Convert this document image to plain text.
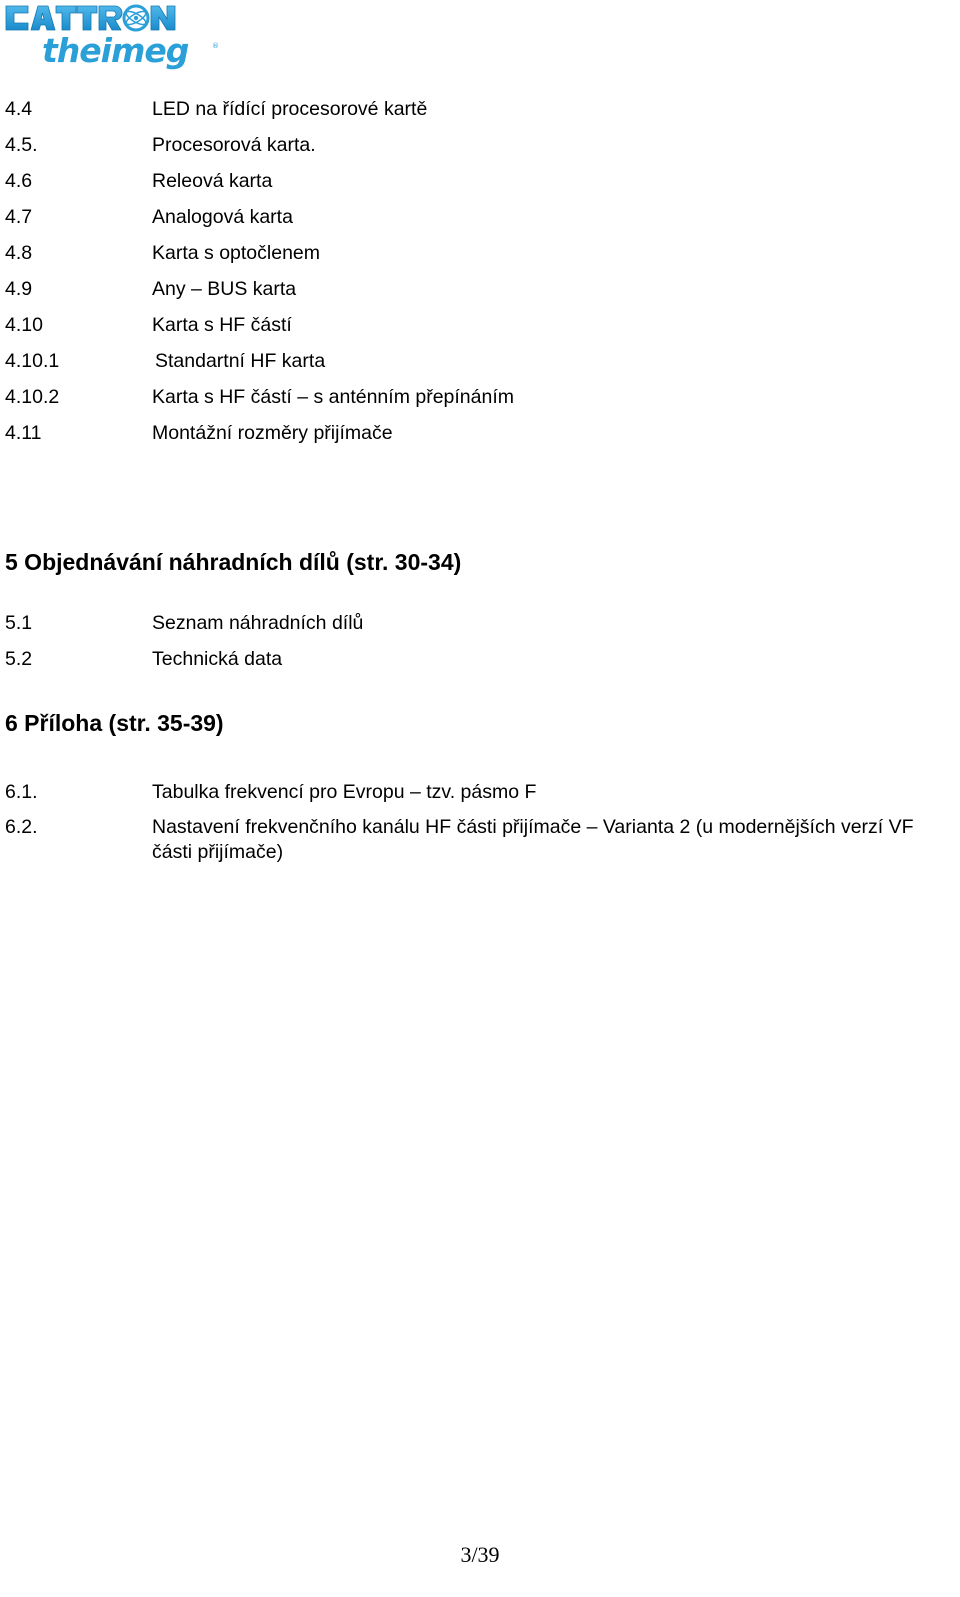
theimeg	®
4.4	LED na řídící procesorové kartě
4.5.	Procesorová karta.
4.6	Releová karta
4.7	Analogová karta
4.8	Karta s optočlenem
4.9	Any – BUS karta
4.10	Karta s HF částí
4.10.1	Standartní HF karta
4.10.2	Karta s HF částí – s anténním přepínáním
4.11	Montážní rozměry přijímače
5 Objednávání náhradních dílů (str. 30-34)
5.1	Seznam náhradních dílů
5.2	Technická data
6 Příloha (str. 35-39)
6.1.	Tabulka frekvencí pro Evropu – tzv. pásmo F
6.2.	Nastavení frekvenčního kanálu HF části přijímače – Varianta 2 (u modernějších verzí VF části přijímače)
3/39
